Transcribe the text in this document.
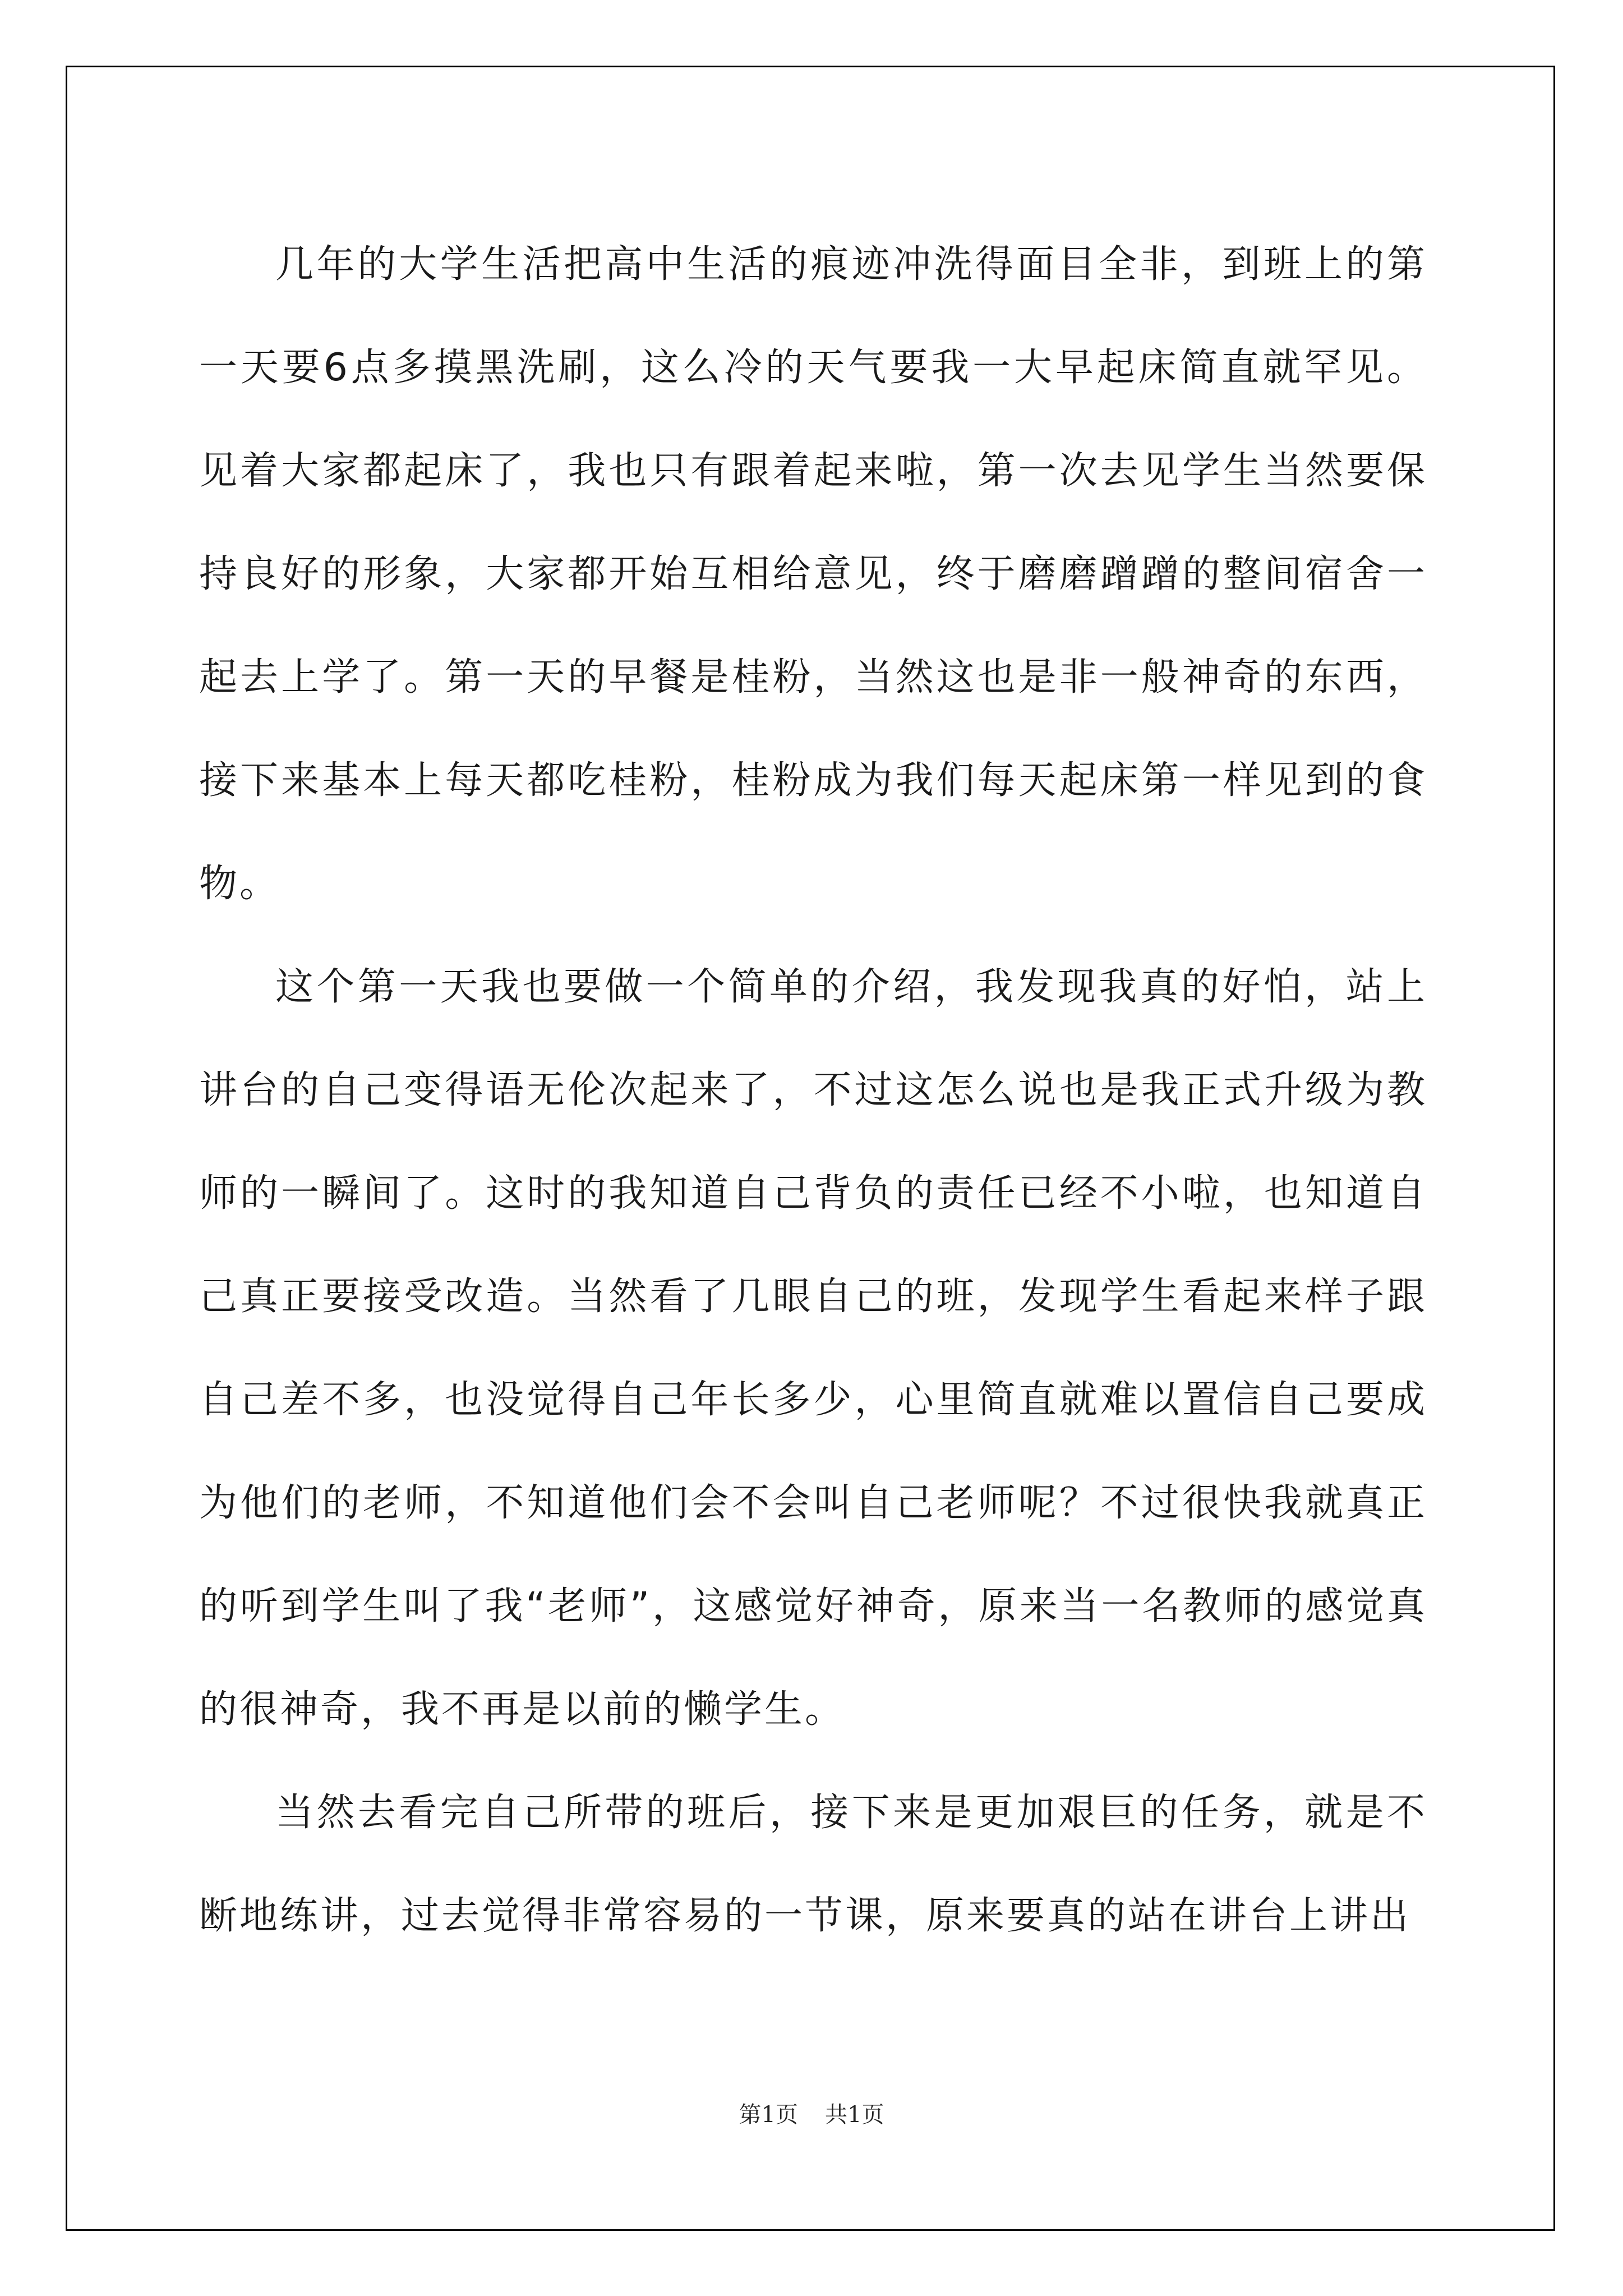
几年的大学生活把高中生活的痕迹冲洗得面目全非，到班上的第一天要6点多摸黑洗刷，这么冷的天气要我一大早起床简直就罕见。见着大家都起床了，我也只有跟着起来啦，第一次去见学生当然要保持良好的形象，大家都开始互相给意见，终于磨磨蹭蹭的整间宿舍一起去上学了。第一天的早餐是桂粉，当然这也是非一般神奇的东西，接下来基本上每天都吃桂粉，桂粉成为我们每天起床第一样见到的食物。

这个第一天我也要做一个简单的介绍，我发现我真的好怕，站上讲台的自己变得语无伦次起来了，不过这怎么说也是我正式升级为教师的一瞬间了。这时的我知道自己背负的责任已经不小啦，也知道自己真正要接受改造。当然看了几眼自己的班，发现学生看起来样子跟自己差不多，也没觉得自己年长多少，心里简直就难以置信自己要成为他们的老师，不知道他们会不会叫自己老师呢？不过很快我就真正的听到学生叫了我“老师”，这感觉好神奇，原来当一名教师的感觉真的很神奇，我不再是以前的懒学生。

当然去看完自己所带的班后，接下来是更加艰巨的任务，就是不断地练讲，过去觉得非常容易的一节课，原来要真的站在讲台上讲出

第1页 共1页
